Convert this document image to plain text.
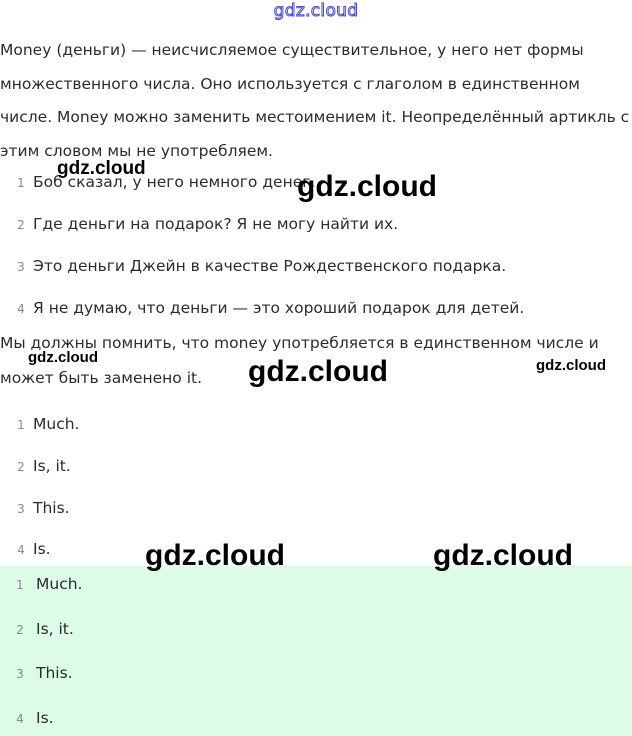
gdz.cloud

Money (деньги) — неисчисляемое существительное, у него нет формы множественного числа. Оно используется с глаголом в единственном числе. Money можно заменить местоимением it. Неопределённый артикль с этим словом мы не употребляем.

1 Боб сказал, у него немного денег.
2 Где деньги на подарок? Я не могу найти их.
3 Это деньги Джейн в качестве Рождественского подарка.
4 Я не думаю, что деньги — это хороший подарок для детей.

Мы должны помнить, что money употребляется в единственном числе и может быть заменено it.

1 Much.
2 Is, it.
3 This.
4 Is.
1 Much.
2 Is, it.
3 This.
4 Is.
gdz.cloud
gdz.cloud
gdz.cloud	gdz.cloud	gdz.cloud
gdz.cloud	gdz.cloud
